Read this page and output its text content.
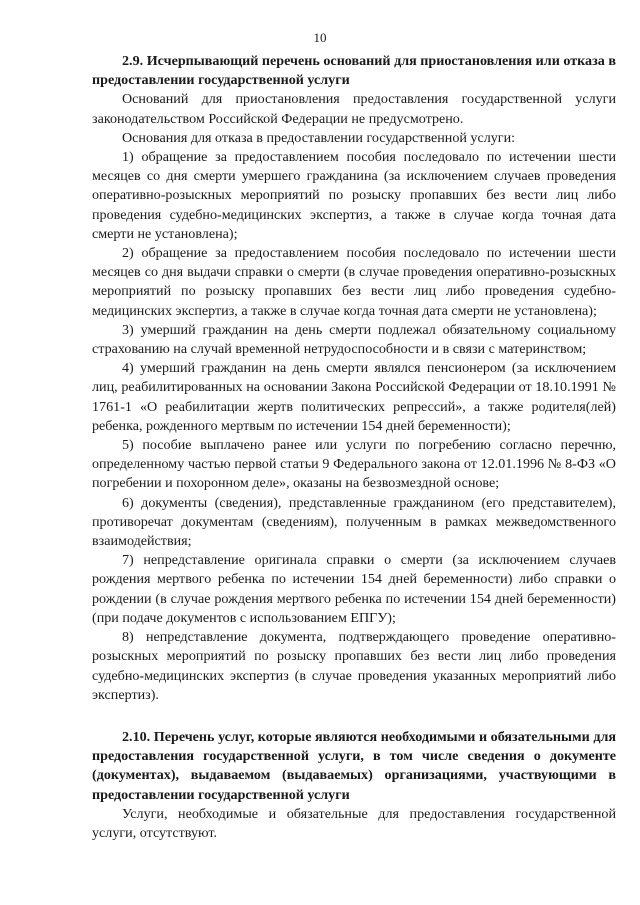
10

2.9. Исчерпывающий перечень оснований для приостановления или отказа в предоставлении государственной услуги

Оснований для приостановления предоставления государственной услуги законодательством Российской Федерации не предусмотрено.

Основания для отказа в предоставлении государственной услуги:

1) обращение за предоставлением пособия последовало по истечении шести месяцев со дня смерти умершего гражданина (за исключением случаев проведения оперативно-розыскных мероприятий по розыску пропавших без вести лиц либо проведения судебно-медицинских экспертиз, а также в случае когда точная дата смерти не установлена);

2) обращение за предоставлением пособия последовало по истечении шести месяцев со дня выдачи справки о смерти (в случае проведения оперативно-розыскных мероприятий по розыску пропавших без вести лиц либо проведения судебно-медицинских экспертиз, а также в случае когда точная дата смерти не установлена);

3) умерший гражданин на день смерти подлежал обязательному социальному страхованию на случай временной нетрудоспособности и в связи с материнством;

4) умерший гражданин на день смерти являлся пенсионером (за исключением лиц, реабилитированных на основании Закона Российской Федерации от 18.10.1991 № 1761-1 «О реабилитации жертв политических репрессий», а также родителя(лей) ребенка, рожденного мертвым по истечении 154 дней беременности);

5) пособие выплачено ранее или услуги по погребению согласно перечню, определенному частью первой статьи 9 Федерального закона от 12.01.1996 № 8-ФЗ «О погребении и похоронном деле», оказаны на безвозмездной основе;

6) документы (сведения), представленные гражданином (его представителем), противоречат документам (сведениям), полученным в рамках межведомственного взаимодействия;

7) непредставление оригинала справки о смерти (за исключением случаев рождения мертвого ребенка по истечении 154 дней беременности) либо справки о рождении (в случае рождения мертвого ребенка по истечении 154 дней беременности) (при подаче документов с использованием ЕПГУ);

8) непредставление документа, подтверждающего проведение оперативно-розыскных мероприятий по розыску пропавших без вести лиц либо проведения судебно-медицинских экспертиз (в случае проведения указанных мероприятий либо экспертиз).

2.10. Перечень услуг, которые являются необходимыми и обязательными для предоставления государственной услуги, в том числе сведения о документе (документах), выдаваемом (выдаваемых) организациями, участвующими в предоставлении государственной услуги

Услуги, необходимые и обязательные для предоставления государственной услуги, отсутствуют.
